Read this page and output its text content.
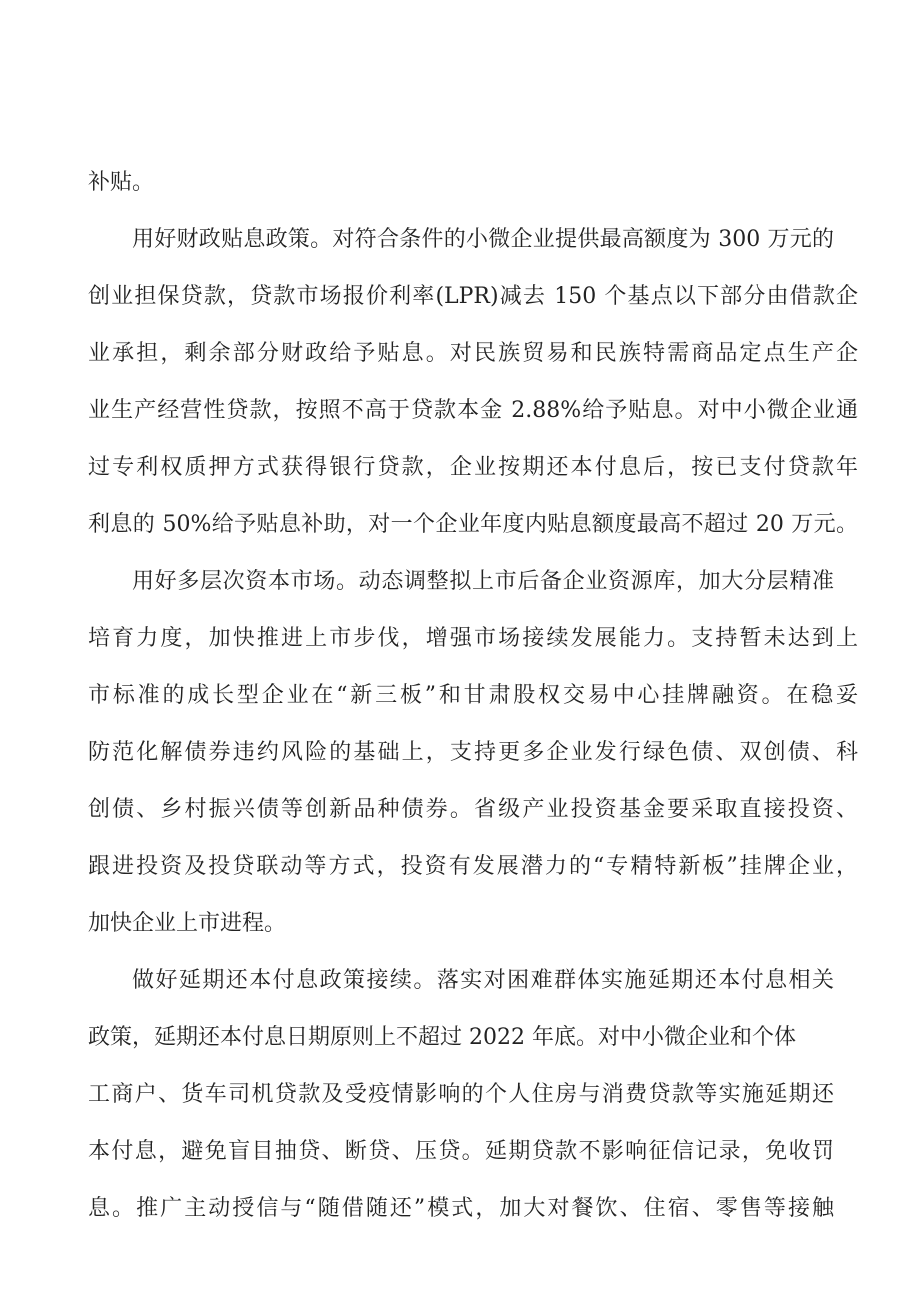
补贴。

用好财政贴息政策。对符合条件的小微企业提供最高额度为 300 万元的

创业担保贷款，贷款市场报价利率(LPR)减去 150 个基点以下部分由借款企

业承担，剩余部分财政给予贴息。对民族贸易和民族特需商品定点生产企

业生产经营性贷款，按照不高于贷款本金 2.88%给予贴息。对中小微企业通

过专利权质押方式获得银行贷款，企业按期还本付息后，按已支付贷款年

利息的 50%给予贴息补助，对一个企业年度内贴息额度最高不超过 20 万元。

用好多层次资本市场。动态调整拟上市后备企业资源库，加大分层精准

培育力度，加快推进上市步伐，增强市场接续发展能力。支持暂未达到上

市标准的成长型企业在“新三板”和甘肃股权交易中心挂牌融资。在稳妥

防范化解债券违约风险的基础上，支持更多企业发行绿色债、双创债、科

创债、乡村振兴债等创新品种债券。省级产业投资基金要采取直接投资、

跟进投资及投贷联动等方式，投资有发展潜力的“专精特新板”挂牌企业，

加快企业上市进程。

做好延期还本付息政策接续。落实对困难群体实施延期还本付息相关

政策，延期还本付息日期原则上不超过 2022 年底。对中小微企业和个体

工商户、货车司机贷款及受疫情影响的个人住房与消费贷款等实施延期还

本付息，避免盲目抽贷、断贷、压贷。延期贷款不影响征信记录，免收罚

息。推广主动授信与“随借随还”模式，加大对餐饮、住宿、零售等接触
